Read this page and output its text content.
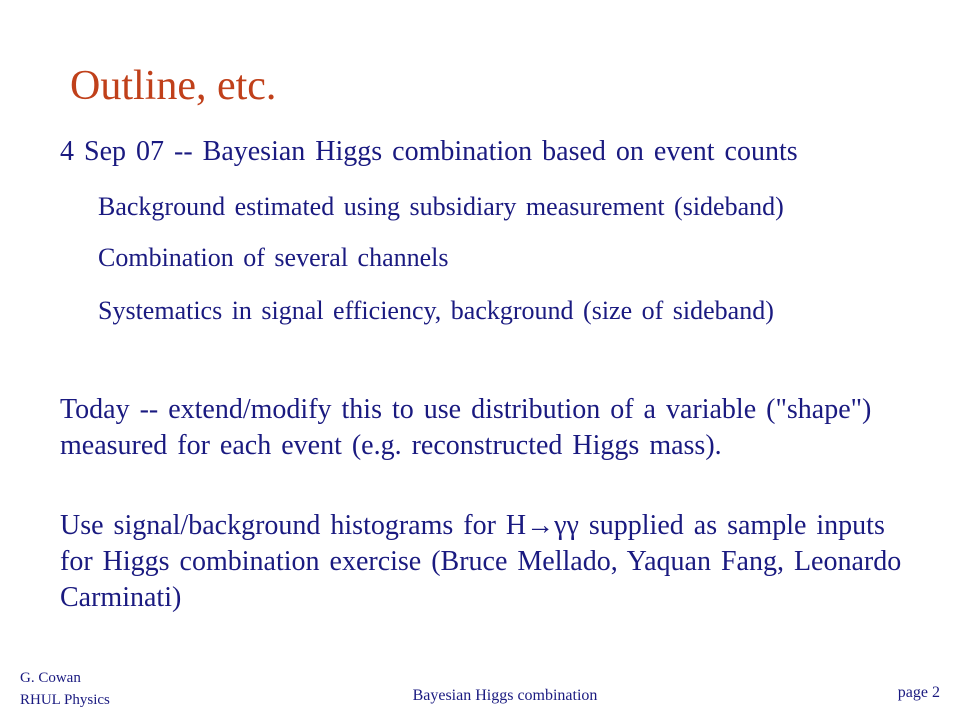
Outline, etc.
4 Sep 07 -- Bayesian Higgs combination based on event counts
Background estimated using subsidiary measurement (sideband)
Combination of several channels
Systematics in signal efficiency, background (size of sideband)
Today -- extend/modify this to use distribution of a variable ("shape") measured for each event (e.g. reconstructed Higgs mass).
Use signal/background histograms for H→γγ supplied as sample inputs for Higgs combination exercise (Bruce Mellado, Yaquan Fang, Leonardo Carminati)
G. Cowan
RHUL Physics	Bayesian Higgs combination	page 2
